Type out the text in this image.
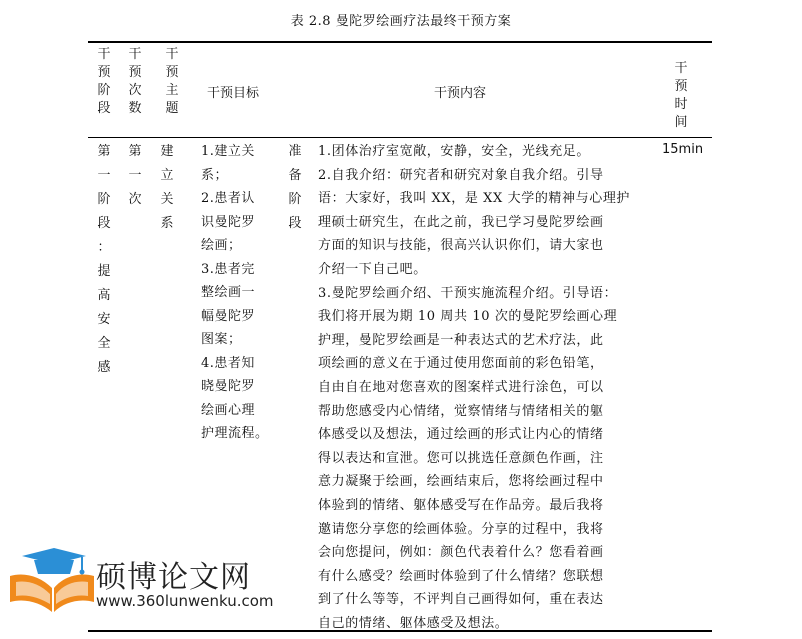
表 2.8 曼陀罗绘画疗法最终干预方案
干
预
阶
段
干
预
次
数
干
预
主
题
干预目标	干预内容
干
预
时
间
第
一
阶
段
：
提
高
安
全
感
第
一
次
建
立
关
系
1.建立关
系；
2.患者认
识曼陀罗
绘画；
3.患者完
整绘画一
幅曼陀罗
图案；
4.患者知
晓曼陀罗
绘画心理
护理流程。
准
备
阶
段
1.团体治疗室宽敞，安静，安全，光线充足。
2.自我介绍：研究者和研究对象自我介绍。引导
语：大家好，我叫 XX，是 XX 大学的精神与心理护
理硕士研究生，在此之前，我已学习曼陀罗绘画
方面的知识与技能，很高兴认识你们，请大家也
介绍一下自己吧。
3.曼陀罗绘画介绍、干预实施流程介绍。引导语：
我们将开展为期 10 周共 10 次的曼陀罗绘画心理
护理，曼陀罗绘画是一种表达式的艺术疗法，此
项绘画的意义在于通过使用您面前的彩色铅笔，
自由自在地对您喜欢的图案样式进行涂色，可以
帮助您感受内心情绪，觉察情绪与情绪相关的躯
体感受以及想法，通过绘画的形式让内心的情绪
得以表达和宣泄。您可以挑选任意颜色作画，注
意力凝聚于绘画，绘画结束后，您将绘画过程中
体验到的情绪、躯体感受写在作品旁。最后我将
邀请您分享您的绘画体验。分享的过程中，我将
会向您提问，例如：颜色代表着什么？您看着画
有什么感受？绘画时体验到了什么情绪？您联想
到了什么等等，不评判自己画得如何，重在表达
自己的情绪、躯体感受及想法。
15min
硕博论文网
www.360lunwenku.com
